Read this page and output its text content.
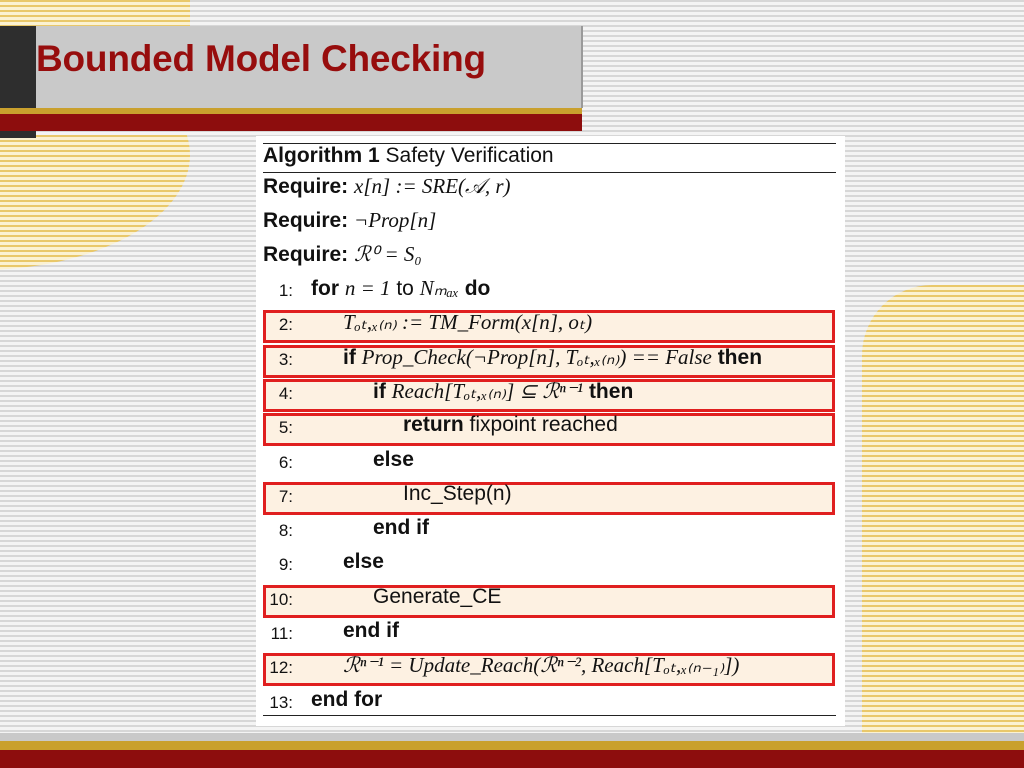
Bounded Model Checking
Algorithm 1 Safety Verification
Require: x[n] := SRE(𝒜, r)
Require: ¬Prop[n]
Require: ℛ⁰ = S₀
1: for n = 1 to Nₘₐₓ do
2: Tₒₜ,ₓ₍ₙ₎ := TM_Form(x[n], oₜ)
3: if Prop_Check(¬Prop[n], Tₒₜ,ₓ₍ₙ₎) == False then
4:	if Reach[Tₒₜ,ₓ₍ₙ₎] ⊆ ℛⁿ⁻¹ then
5:	return fixpoint reached
6:	else
7:	Inc_Step(n)
8:	end if
9: else
10:	Generate_CE
11: end if
12: ℛⁿ⁻¹ = Update_Reach(ℛⁿ⁻², Reach[Tₒₜ,ₓ₍ₙ₋₁₎])
13: end for
